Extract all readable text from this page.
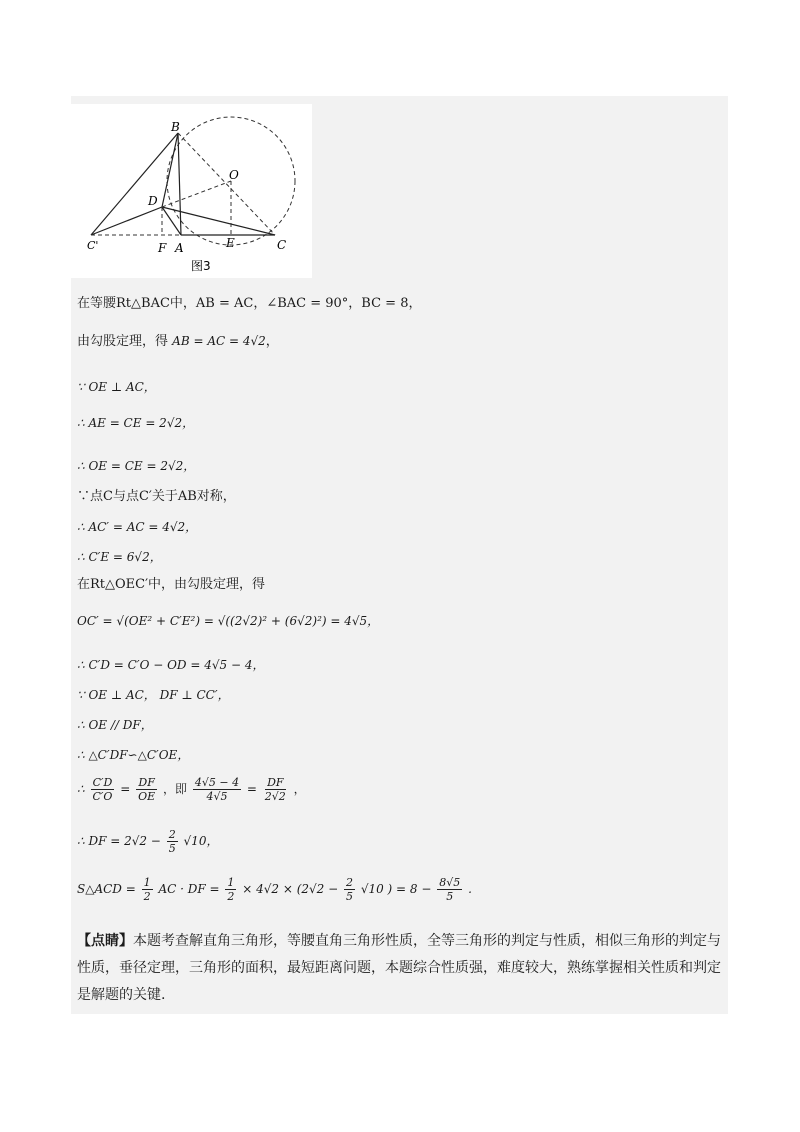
B
O
D
C'	F A	E	C
图3
在等腰Rt△BAC中，AB = AC，∠BAC = 90°，BC = 8，
由勾股定理，得 AB = AC = 4√2，
∵ OE ⊥ AC，
∴ AE = CE = 2√2，
∴ OE = CE = 2√2，
∵点C与点C′关于AB对称，
∴ AC′ = AC = 4√2，
∴ C′E = 6√2，
在Rt△OEC′中，由勾股定理，得
OC′ = √(OE² + C′E²) = √((2√2)² + (6√2)²) = 4√5，
∴ C′D = C′O − OD = 4√5 − 4，
∵ OE ⊥ AC， DF ⊥ CC′，
∴ OE // DF，
∴ △C′DF∽△C′OE，
∴ $\frac{C'D}{C'O} = \frac{DF}{OE}$ ，即 $\frac{4√5 - 4}{4√5} = \frac{DF}{2√2}$ ，
∴ DF = $2√2 - \frac{2}{5} √10$，
S△ACD = $\frac{1}{2}$ AC · DF = $\frac{1}{2} \times 4√2 \times (2√2 - \frac{2}{5} √10$ ) = $8 - \frac{8√5}{5}$ .
【点睛】本题考查解直角三角形，等腰直角三角形性质，全等三角形的判定与性质，相似三角形的判定与性质，垂径定理，三角形的面积，最短距离问题，本题综合性质强，难度较大，熟练掌握相关性质和判定是解题的关键.
